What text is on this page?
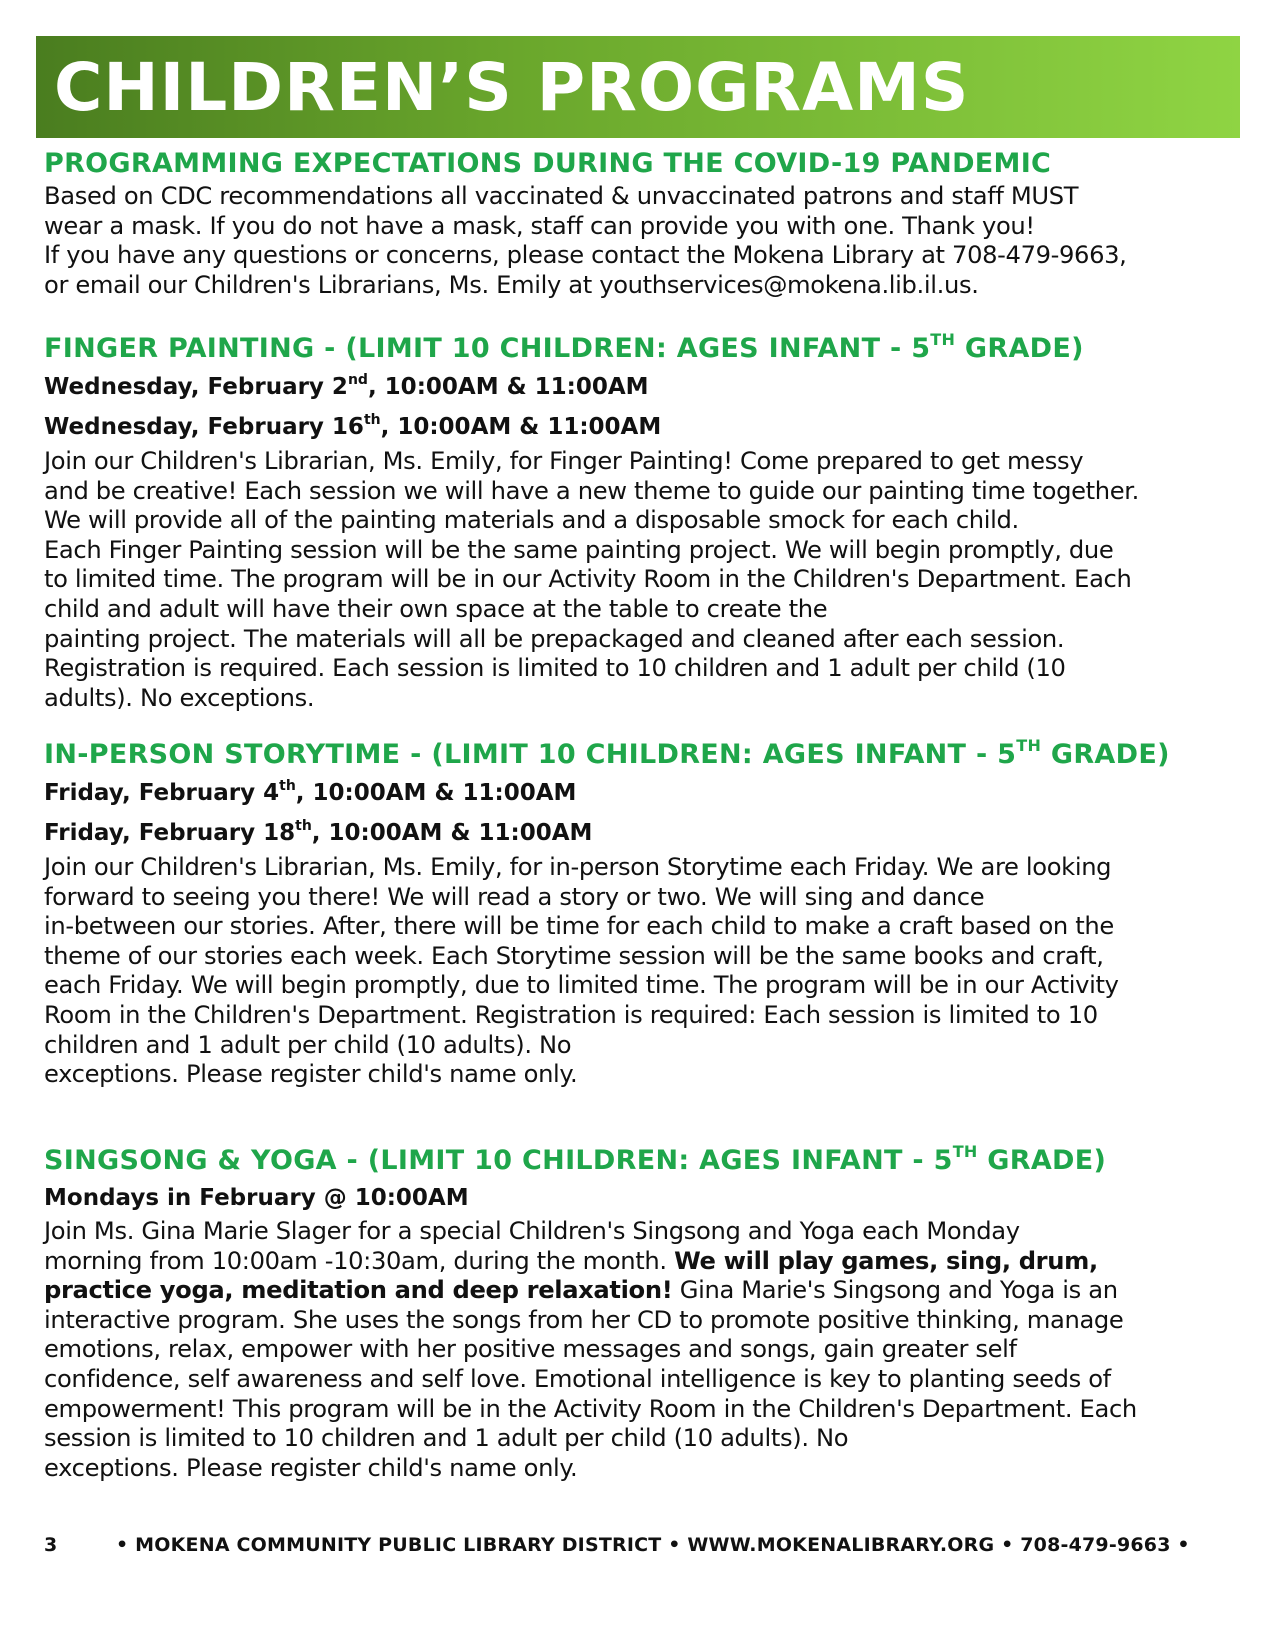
CHILDREN’S PROGRAMS
PROGRAMMING EXPECTATIONS DURING THE COVID-19 PANDEMIC

Based on CDC recommendations all vaccinated & unvaccinated patrons and staff MUST
wear a mask. If you do not have a mask, staff can provide you with one. Thank you!
If you have any questions or concerns, please contact the Mokena Library at 708-479-9663,
or email our Children's Librarians, Ms. Emily at youthservices@mokena.lib.il.us.

FINGER PAINTING - (LIMIT 10 CHILDREN: AGES INFANT - 5TH GRADE)

Wednesday, February 2nd, 10:00AM & 11:00AM

Wednesday, February 16th, 10:00AM & 11:00AM

Join our Children's Librarian, Ms. Emily, for Finger Painting! Come prepared to get messy
and be creative! Each session we will have a new theme to guide our painting time together.
We will provide all of the painting materials and a disposable smock for each child.
Each Finger Painting session will be the same painting project. We will begin promptly, due
to limited time. The program will be in our Activity Room in the Children's Department. Each
child and adult will have their own space at the table to create the
painting project. The materials will all be prepackaged and cleaned after each session.
Registration is required. Each session is limited to 10 children and 1 adult per child (10
adults). No exceptions.

IN-PERSON STORYTIME - (LIMIT 10 CHILDREN: AGES INFANT - 5TH GRADE)

Friday, February 4th, 10:00AM & 11:00AM

Friday, February 18th, 10:00AM & 11:00AM

Join our Children's Librarian, Ms. Emily, for in-person Storytime each Friday. We are looking
forward to seeing you there! We will read a story or two. We will sing and dance
in-between our stories. After, there will be time for each child to make a craft based on the
theme of our stories each week. Each Storytime session will be the same books and craft,
each Friday. We will begin promptly, due to limited time. The program will be in our Activity
Room in the Children's Department. Registration is required: Each session is limited to 10
children and 1 adult per child (10 adults). No
exceptions. Please register child's name only.

SINGSONG & YOGA - (LIMIT 10 CHILDREN: AGES INFANT - 5TH GRADE)

Mondays in February @ 10:00AM

Join Ms. Gina Marie Slager for a special Children's Singsong and Yoga each Monday
morning from 10:00am -10:30am, during the month. We will play games, sing, drum,
practice yoga, meditation and deep relaxation! Gina Marie's Singsong and Yoga is an
interactive program. She uses the songs from her CD to promote positive thinking, manage
emotions, relax, empower with her positive messages and songs, gain greater self
confidence, self awareness and self love. Emotional intelligence is key to planting seeds of
empowerment! This program will be in the Activity Room in the Children's Department. Each
session is limited to 10 children and 1 adult per child (10 adults). No
exceptions. Please register child's name only.

3	• MOKENA COMMUNITY PUBLIC LIBRARY DISTRICT • WWW.MOKENALIBRARY.ORG • 708-479-9663 •
